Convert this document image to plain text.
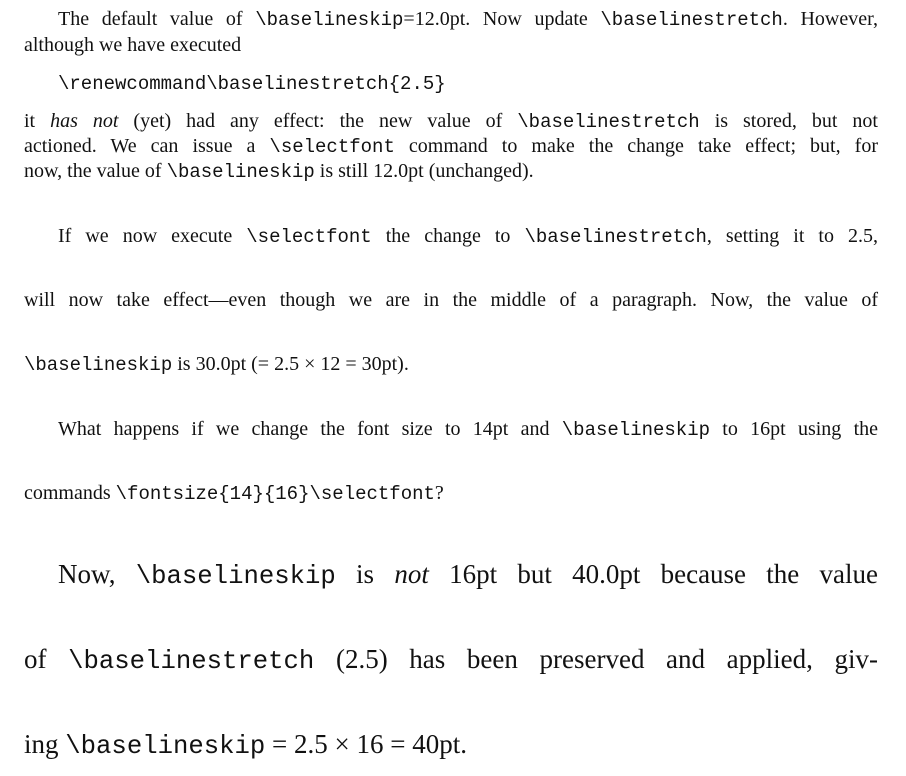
The default value of \baselineskip=12.0pt. Now update \baselinestretch. However,
although we have executed
\renewcommand\baselinestretch{2.5}
it has not (yet) had any effect: the new value of \baselinestretch is stored, but not
actioned. We can issue a \selectfont command to make the change take effect; but, for
now, the value of \baselineskip is still 12.0pt (unchanged).
If we now execute \selectfont the change to \baselinestretch, setting it to 2.5,
will now take effect—even though we are in the middle of a paragraph. Now, the value of
\baselineskip is 30.0pt (= 2.5 × 12 = 30pt).
What happens if we change the font size to 14pt and \baselineskip to 16pt using the
commands \fontsize{14}{16}\selectfont?
Now, \baselineskip is not 16pt but 40.0pt because the value
of \baselinestretch (2.5) has been preserved and applied, giv-
ing \baselineskip = 2.5 × 16 = 40pt.
